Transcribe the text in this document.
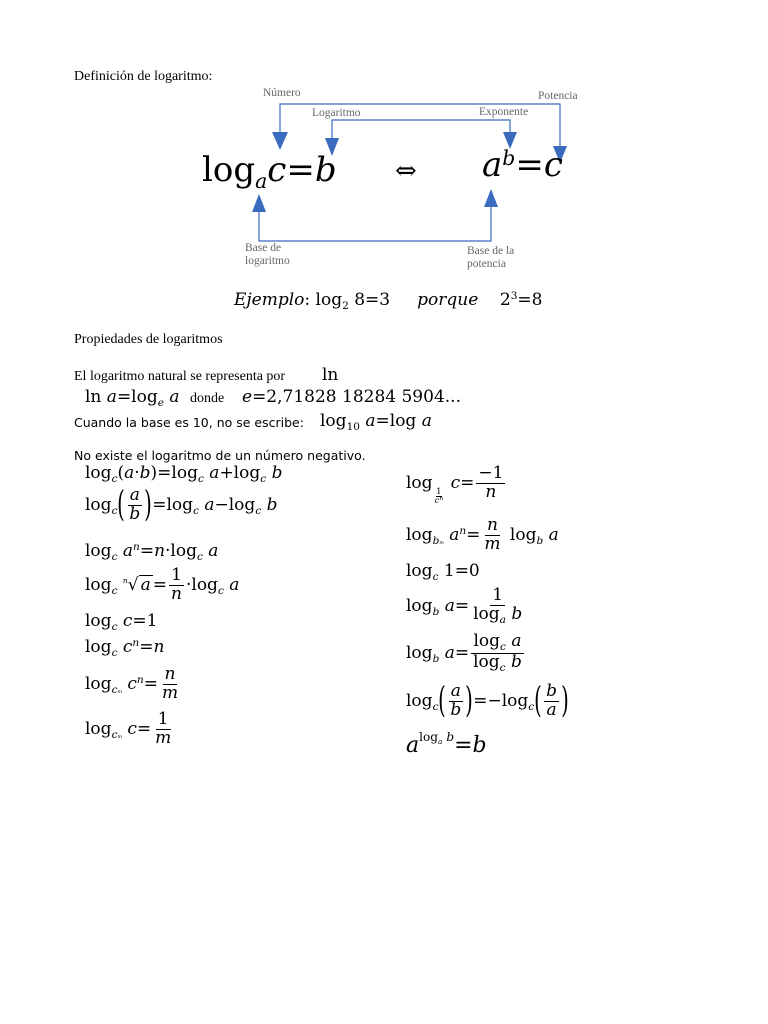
Definición de logaritmo:
Número	Potencia
Logaritmo	Exponente
Base de
logaritmo
Base de la
potencia
$\log_ac=b$ ⇔ $a^b=c$
Ejemplo: $\log_2 8=3$     porque    $2^3=8$
Propiedades de logaritmos
El logaritmo natural se representa por ln
$\ln a=\log_e$ a donde e=2,71828 18284 5904...
Cuando la base es 10, no se escribe: $\log_{10} a=\log$ a
No existe el logaritmo de un número negativo.
$\log_c(a\cdot b)=\log_c$ $a+\log_c$ b
$\log_c( \frac{a}{b} )=\log_c$ $a-\log_c$ b
$\log_c a^n=n\cdot\log_c$ a
$\log_c ^n√$ $a = \frac{1}{n} \cdot\log_c$ a
$\log_c c=1$
$\log_c c^n=n$
$\log_{cm} c^n= \frac{n}{m}$
$\log_{cm} c= \frac{1}{m}$
log
$\frac{1}{c^n}$
$c= \frac{-1}{n}$
$\log_{bm} a^n= \frac{n}{m} \log_b a$
$\log_c 1=0$
$\log_b a= \frac{1}{\log_a b}$
$\log_b a= \frac{\log_c a}{\log_c b}$
$\log_c( \frac{a}{b} )=-\log_c( \frac{b}{a}$ )
$a^{log_a b}=b$
